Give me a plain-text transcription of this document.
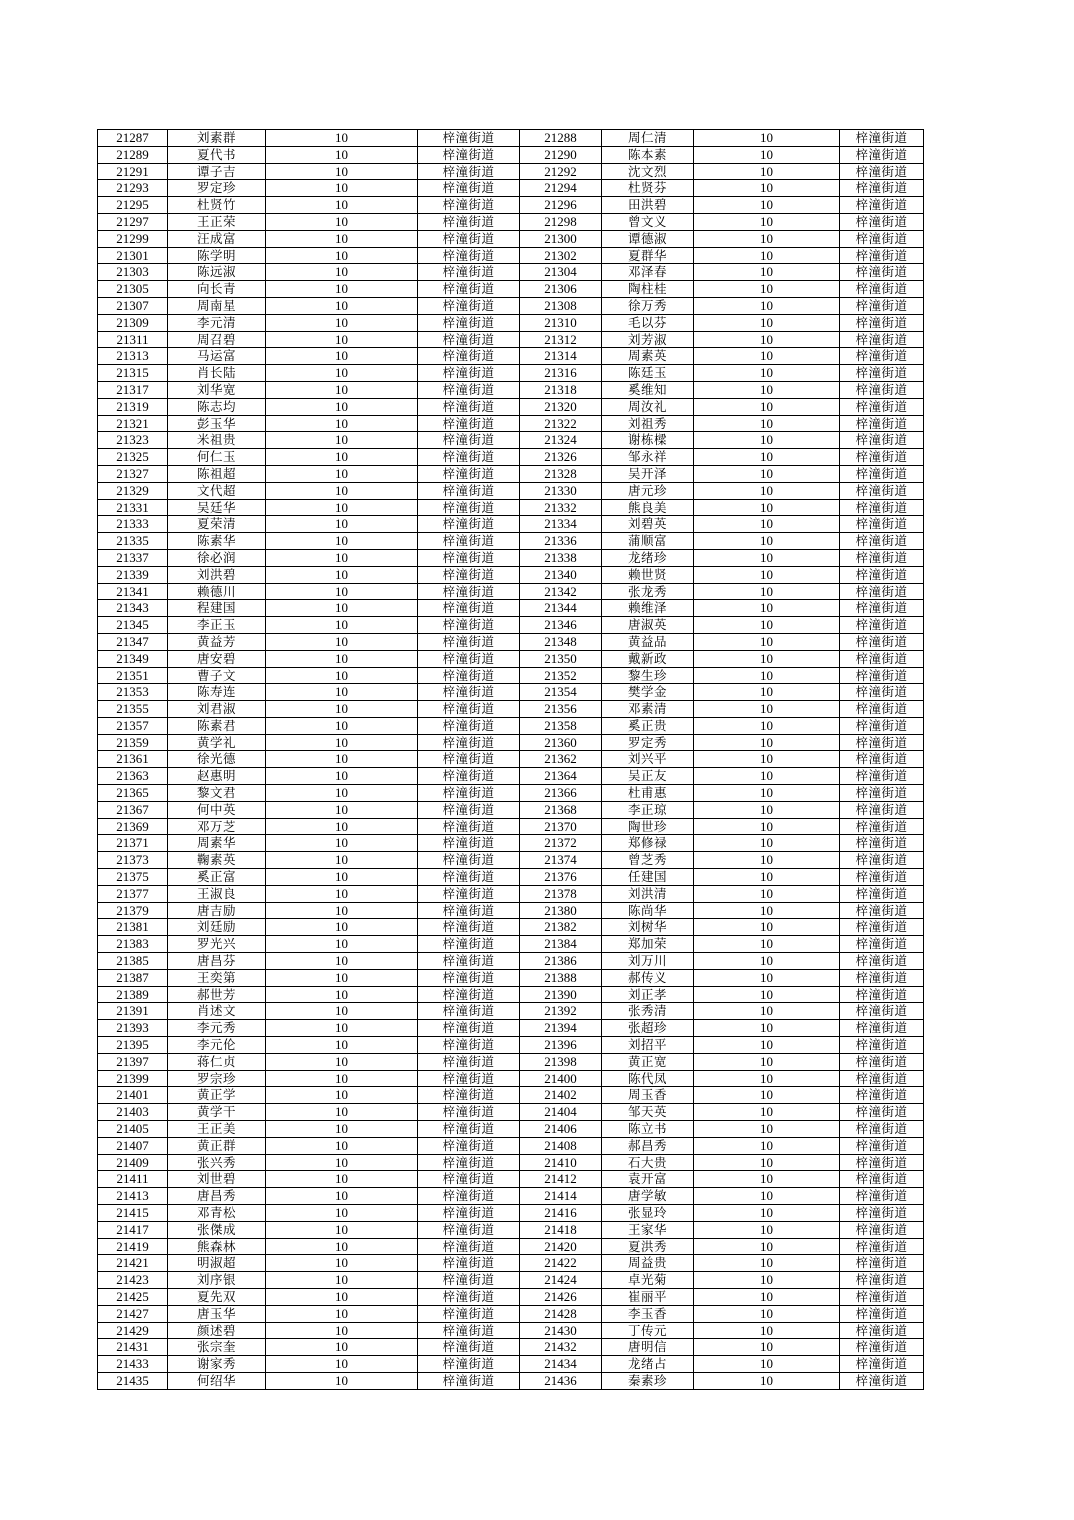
21287	刘素群	10	梓潼街道	21288	周仁清	10	梓潼街道
21289	夏代书	10	梓潼街道	21290	陈本素	10	梓潼街道
21291	谭子吉	10	梓潼街道	21292	沈文烈	10	梓潼街道
21293	罗定珍	10	梓潼街道	21294	杜贤芬	10	梓潼街道
21295	杜贤竹	10	梓潼街道	21296	田洪碧	10	梓潼街道
21297	王正荣	10	梓潼街道	21298	曾文义	10	梓潼街道
21299	汪成富	10	梓潼街道	21300	谭德淑	10	梓潼街道
21301	陈学明	10	梓潼街道	21302	夏群华	10	梓潼街道
21303	陈远淑	10	梓潼街道	21304	邓泽春	10	梓潼街道
21305	向长青	10	梓潼街道	21306	陶柱桂	10	梓潼街道
21307	周南星	10	梓潼街道	21308	徐万秀	10	梓潼街道
21309	李元清	10	梓潼街道	21310	毛以芬	10	梓潼街道
21311	周召碧	10	梓潼街道	21312	刘芳淑	10	梓潼街道
21313	马运富	10	梓潼街道	21314	周素英	10	梓潼街道
21315	肖长陆	10	梓潼街道	21316	陈廷玉	10	梓潼街道
21317	刘华宽	10	梓潼街道	21318	奚维知	10	梓潼街道
21319	陈志均	10	梓潼街道	21320	周汝礼	10	梓潼街道
21321	彭玉华	10	梓潼街道	21322	刘祖秀	10	梓潼街道
21323	米祖贵	10	梓潼街道	21324	谢栋樑	10	梓潼街道
21325	何仁玉	10	梓潼街道	21326	邹永祥	10	梓潼街道
21327	陈祖超	10	梓潼街道	21328	吴开泽	10	梓潼街道
21329	文代超	10	梓潼街道	21330	唐元珍	10	梓潼街道
21331	吴廷华	10	梓潼街道	21332	熊良美	10	梓潼街道
21333	夏荣清	10	梓潼街道	21334	刘碧英	10	梓潼街道
21335	陈素华	10	梓潼街道	21336	蒲顺富	10	梓潼街道
21337	徐必润	10	梓潼街道	21338	龙绪珍	10	梓潼街道
21339	刘洪碧	10	梓潼街道	21340	赖世贤	10	梓潼街道
21341	赖德川	10	梓潼街道	21342	张龙秀	10	梓潼街道
21343	程建国	10	梓潼街道	21344	赖维泽	10	梓潼街道
21345	李正玉	10	梓潼街道	21346	唐淑英	10	梓潼街道
21347	黄益芳	10	梓潼街道	21348	黄益品	10	梓潼街道
21349	唐安碧	10	梓潼街道	21350	戴新政	10	梓潼街道
21351	曹子文	10	梓潼街道	21352	黎生珍	10	梓潼街道
21353	陈寿连	10	梓潼街道	21354	樊学金	10	梓潼街道
21355	刘君淑	10	梓潼街道	21356	邓素清	10	梓潼街道
21357	陈素君	10	梓潼街道	21358	奚正贵	10	梓潼街道
21359	黄学礼	10	梓潼街道	21360	罗定秀	10	梓潼街道
21361	徐光德	10	梓潼街道	21362	刘兴平	10	梓潼街道
21363	赵惠明	10	梓潼街道	21364	吴正友	10	梓潼街道
21365	黎文君	10	梓潼街道	21366	杜甫惠	10	梓潼街道
21367	何中英	10	梓潼街道	21368	李正琼	10	梓潼街道
21369	邓万芝	10	梓潼街道	21370	陶世珍	10	梓潼街道
21371	周素华	10	梓潼街道	21372	郑修禄	10	梓潼街道
21373	鞠素英	10	梓潼街道	21374	曾芝秀	10	梓潼街道
21375	奚正富	10	梓潼街道	21376	任建国	10	梓潼街道
21377	王淑良	10	梓潼街道	21378	刘洪清	10	梓潼街道
21379	唐吉励	10	梓潼街道	21380	陈尚华	10	梓潼街道
21381	刘廷励	10	梓潼街道	21382	刘树华	10	梓潼街道
21383	罗光兴	10	梓潼街道	21384	郑加荣	10	梓潼街道
21385	唐昌芬	10	梓潼街道	21386	刘万川	10	梓潼街道
21387	王奕第	10	梓潼街道	21388	郝传义	10	梓潼街道
21389	郝世芳	10	梓潼街道	21390	刘正孝	10	梓潼街道
21391	肖述文	10	梓潼街道	21392	张秀清	10	梓潼街道
21393	李元秀	10	梓潼街道	21394	张超珍	10	梓潼街道
21395	李元伦	10	梓潼街道	21396	刘招平	10	梓潼街道
21397	蒋仁贞	10	梓潼街道	21398	黄正宽	10	梓潼街道
21399	罗宗珍	10	梓潼街道	21400	陈代凤	10	梓潼街道
21401	黄正学	10	梓潼街道	21402	周玉香	10	梓潼街道
21403	黄学干	10	梓潼街道	21404	邹天英	10	梓潼街道
21405	王正美	10	梓潼街道	21406	陈立书	10	梓潼街道
21407	黄正群	10	梓潼街道	21408	郝昌秀	10	梓潼街道
21409	张兴秀	10	梓潼街道	21410	石大贵	10	梓潼街道
21411	刘世碧	10	梓潼街道	21412	袁开富	10	梓潼街道
21413	唐昌秀	10	梓潼街道	21414	唐学敏	10	梓潼街道
21415	邓青松	10	梓潼街道	21416	张显玲	10	梓潼街道
21417	张傑成	10	梓潼街道	21418	王家华	10	梓潼街道
21419	熊森林	10	梓潼街道	21420	夏洪秀	10	梓潼街道
21421	明淑超	10	梓潼街道	21422	周益贵	10	梓潼街道
21423	刘序银	10	梓潼街道	21424	卓光菊	10	梓潼街道
21425	夏先双	10	梓潼街道	21426	崔丽平	10	梓潼街道
21427	唐玉华	10	梓潼街道	21428	李玉香	10	梓潼街道
21429	颜述碧	10	梓潼街道	21430	丁传元	10	梓潼街道
21431	张宗奎	10	梓潼街道	21432	唐明信	10	梓潼街道
21433	谢家秀	10	梓潼街道	21434	龙绪占	10	梓潼街道
21435	何绍华	10	梓潼街道	21436	秦素珍	10	梓潼街道
